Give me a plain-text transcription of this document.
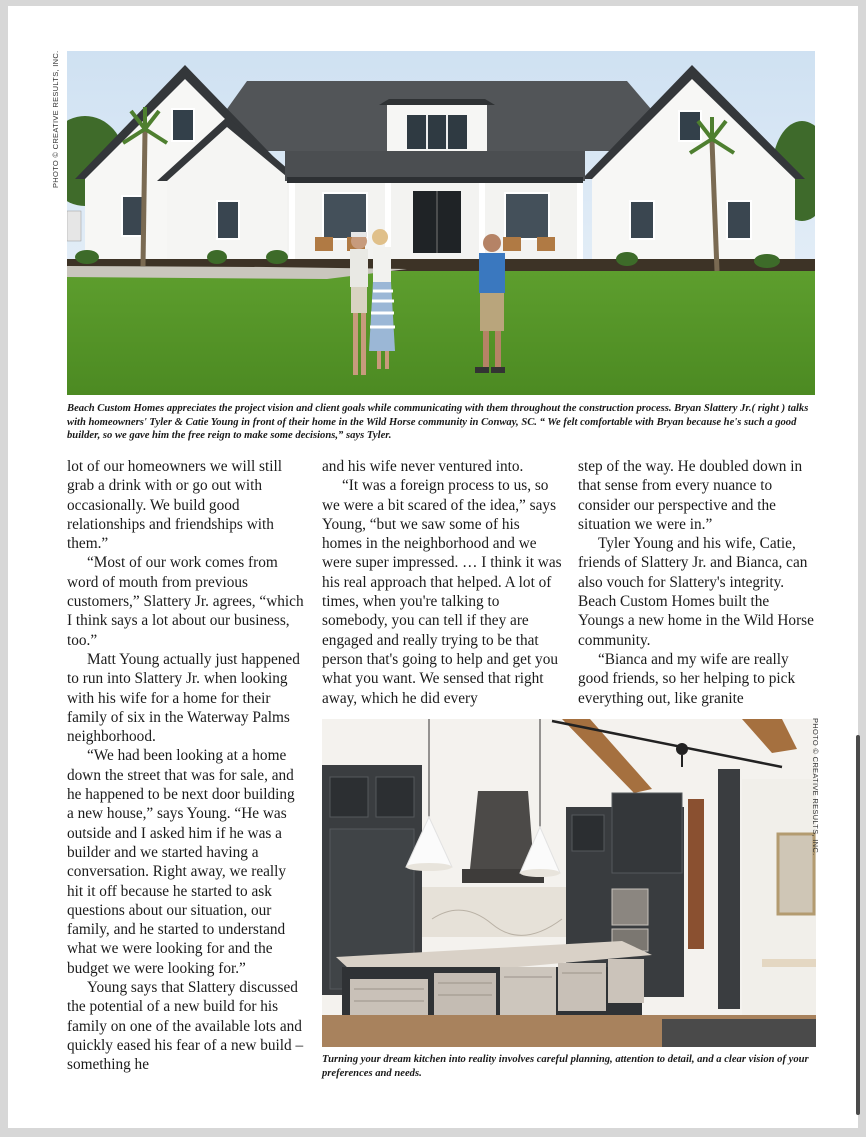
PHOTO © CREATIVE RESULTS, INC.
Beach Custom Homes appreciates the project vision and client goals while communicating with them throughout the construction process. Bryan Slattery Jr.( right ) talks with homeowners' Tyler & Catie Young in front of their home in the Wild Horse community in Conway, SC. “ We felt comfortable with Bryan because he's such a good builder, so we gave him the free reign to make some decisions,” says Tyler.

lot of our homeowners we will still grab a drink with or go out with occasionally. We build good relationships and friendships with them.”

“Most of our work comes from word of mouth from previous customers,” Slattery Jr. agrees, “which I think says a lot about our business, too.”

Matt Young actually just happened to run into Slattery Jr. when looking with his wife for a home for their family of six in the Waterway Palms neighborhood.

“We had been looking at a home down the street that was for sale, and he happened to be next door building a new house,” says Young. “He was outside and I asked him if he was a builder and we started having a conversation. Right away, we really hit it off because he started to ask questions about our situation, our family, and he started to understand what we were looking for and the budget we were looking for.”

Young says that Slattery discussed the potential of a new build for his family on one of the available lots and quickly eased his fear of a new build – something he

and his wife never ventured into.

“It was a foreign process to us, so we were a bit scared of the idea,” says Young, “but we saw some of his homes in the neighborhood and we were super impressed. … I think it was his real approach that helped. A lot of times, when you're talking to somebody, you can tell if they are engaged and really trying to be that person that's going to help and get you what you want. We sensed that right away, which he did every

step of the way. He doubled down in that sense from every nuance to consider our perspective and the situation we were in.”

Tyler Young and his wife, Catie, friends of Slattery Jr. and Bianca, can also vouch for Slattery's integrity. Beach Custom Homes built the Youngs a new home in the Wild Horse community.

“Bianca and my wife are really good friends, so her helping to pick everything out, like granite

PHOTO © CREATIVE RESULTS, INC.
Turning your dream kitchen into reality involves careful planning, attention to detail, and a clear vision of your preferences and needs.
